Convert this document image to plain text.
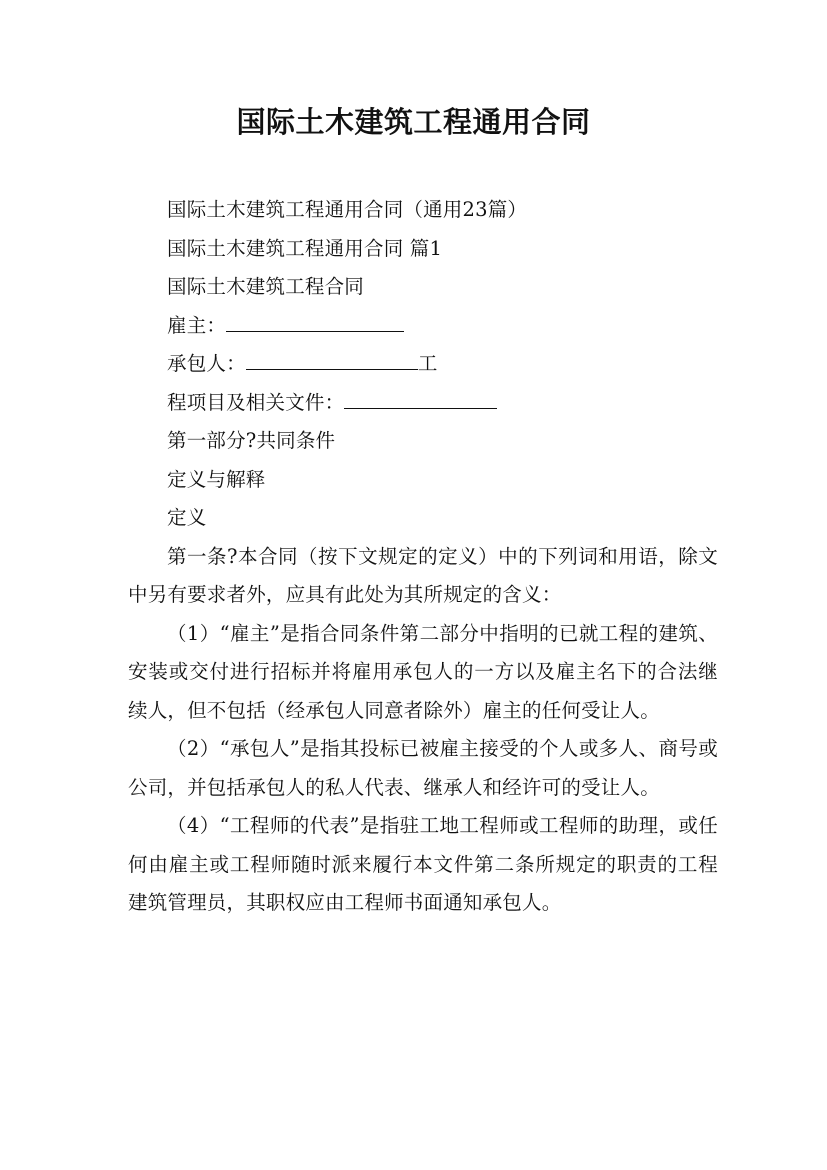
国际土木建筑工程通用合同

国际土木建筑工程通用合同（通用23篇）

国际土木建筑工程通用合同 篇1

国际土木建筑工程合同

雇主：

承包人：	工

程项目及相关文件：

第一部分?共同条件

定义与解释

定义

第一条?本合同（按下文规定的定义）中的下列词和用语，除文中另有要求者外，应具有此处为其所规定的含义：

（1）“雇主”是指合同条件第二部分中指明的已就工程的建筑、安装或交付进行招标并将雇用承包人的一方以及雇主名下的合法继续人，但不包括（经承包人同意者除外）雇主的任何受让人。

（2）“承包人”是指其投标已被雇主接受的个人或多人、商号或公司，并包括承包人的私人代表、继承人和经许可的受让人。

（4）“工程师的代表”是指驻工地工程师或工程师的助理，或任何由雇主或工程师随时派来履行本文件第二条所规定的职责的工程建筑管理员，其职权应由工程师书面通知承包人。
